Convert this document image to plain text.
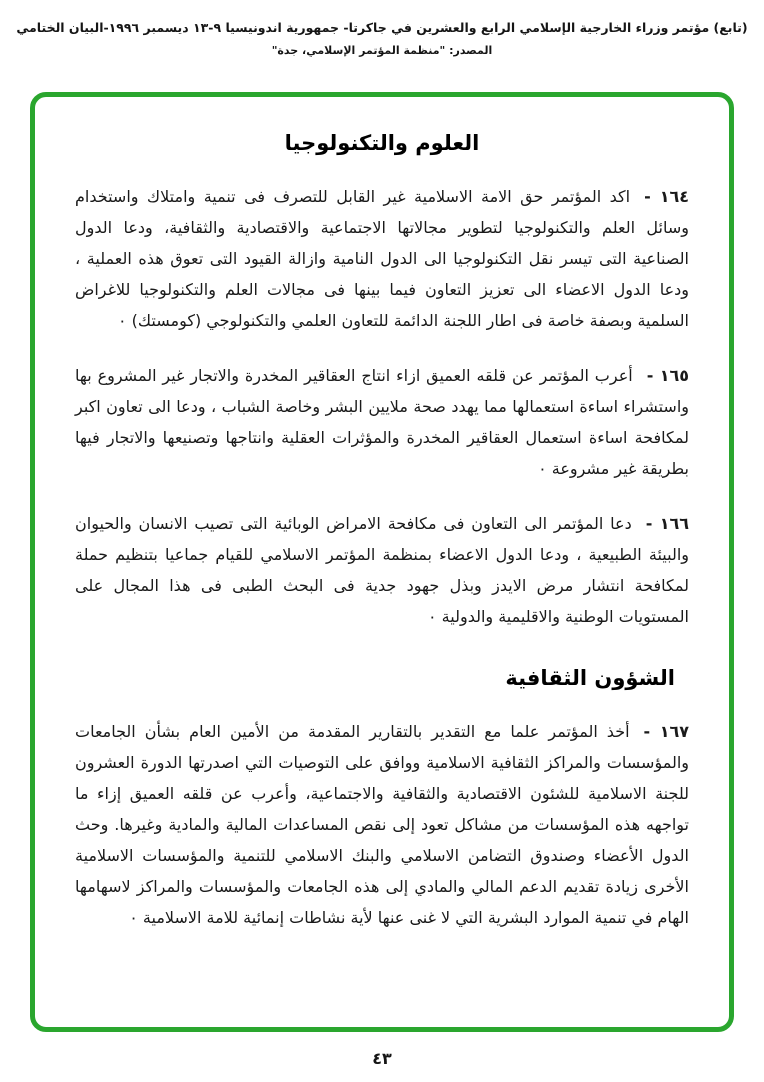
(تابع) مؤتمر وزراء الخارجية الإسلامي الرابع والعشرين في جاكرتا- جمهورية اندونيسيا ٩-١٣ ديسمبر ١٩٩٦-البيان الختامي
المصدر: "منظمة المؤتمر الإسلامي، جدة"
العلوم والتكنولوجيا

١٦٤ -اكد المؤتمر حق الامة الاسلامية غير القابل للتصرف فى تنمية وامتلاك واستخدام وسائل العلم والتكنولوجيا لتطوير مجالاتها الاجتماعية والاقتصادية والثقافية، ودعا الدول الصناعية التى تيسر نقل التكنولوجيا الى الدول النامية وازالة القيود التى تعوق هذه العملية ، ودعا الدول الاعضاء الى تعزيز التعاون فيما بينها فى مجالات العلم والتكنولوجيا للاغراض السلمية وبصفة خاصة فى اطار اللجنة الدائمة للتعاون العلمي والتكنولوجي (كومستك) ٠

١٦٥ -أعرب المؤتمر عن قلقه العميق ازاء انتاج العقاقير المخدرة والاتجار غير المشروع بها واستشراء اساءة استعمالها مما يهدد صحة ملايين البشر وخاصة الشباب ، ودعا الى تعاون اكبر لمكافحة اساءة استعمال العقاقير المخدرة والمؤثرات العقلية وانتاجها وتصنيعها والاتجار فيها بطريقة غير مشروعة ٠

١٦٦ -دعا المؤتمر الى التعاون فى مكافحة الامراض الوبائية التى تصيب الانسان والحيوان والبيئة الطبيعية ، ودعا الدول الاعضاء بمنظمة المؤتمر الاسلامي للقيام جماعيا بتنظيم حملة لمكافحة انتشار مرض الايدز وبذل جهود جدية فى البحث الطبى فى هذا المجال على المستويات الوطنية والاقليمية والدولية ٠

الشؤون الثقافية

١٦٧ -أخذ المؤتمر علما مع التقدير بالتقارير المقدمة من الأمين العام بشأن الجامعات والمؤسسات والمراكز الثقافية الاسلامية ووافق على التوصيات التي اصدرتها الدورة العشرون للجنة الاسلامية للشئون الاقتصادية والثقافية والاجتماعية، وأعرب عن قلقه العميق إزاء ما تواجهه هذه المؤسسات من مشاكل تعود إلى نقص المساعدات المالية والمادية وغيرها. وحث الدول الأعضاء وصندوق التضامن الاسلامي والبنك الاسلامي للتنمية والمؤسسات الاسلامية الأخرى زيادة تقديم الدعم المالي والمادي إلى هذه الجامعات والمؤسسات والمراكز لاسهامها الهام في تنمية الموارد البشرية التي لا غنى عنها لأية نشاطات إنمائية للامة الاسلامية ٠

٤٣
